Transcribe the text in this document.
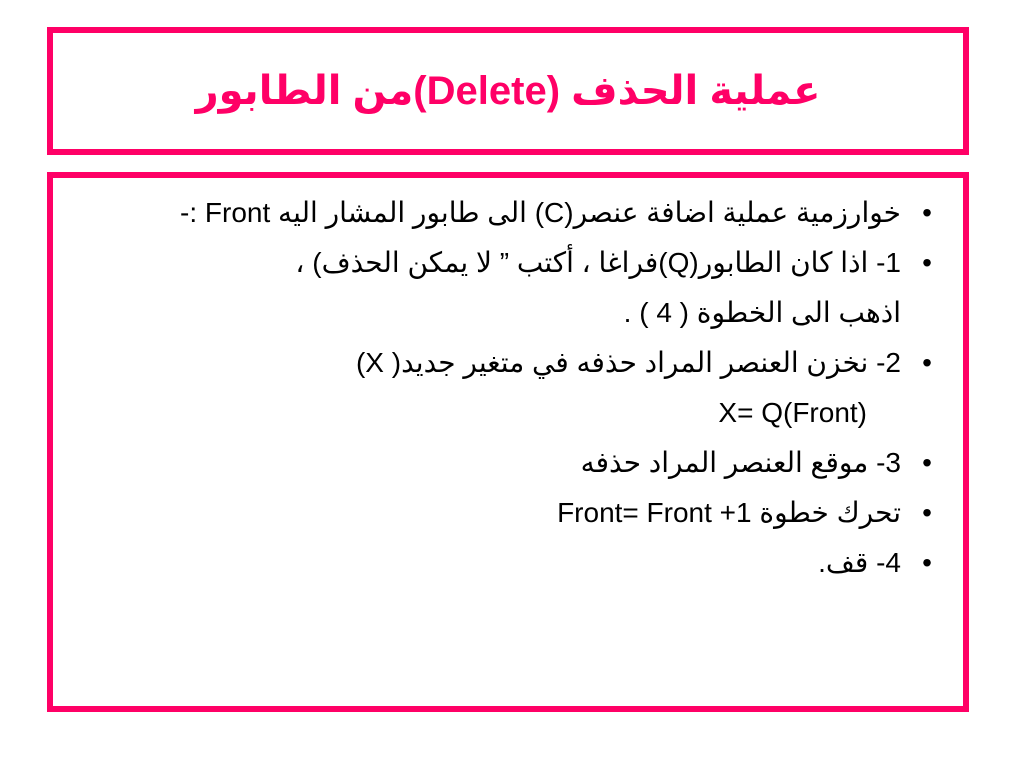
عملية الحذف (Delete)من الطابور
•
خوارزمية عملية اضافة عنصر(C) الى طابور المشار اليه Front :-
•
1- اذا كان الطابور(Q)فراغا ، أكتب ” لا يمكن الحذف) ،
اذهب الى الخطوة ( 4 ) .
•
2- نخزن العنصر المراد حذفه في متغير جديد( X)
X= Q(Front)
•
3- موقع العنصر المراد حذفه
•
تحرك خطوة 1+ Front= Front
•
4- قف.
